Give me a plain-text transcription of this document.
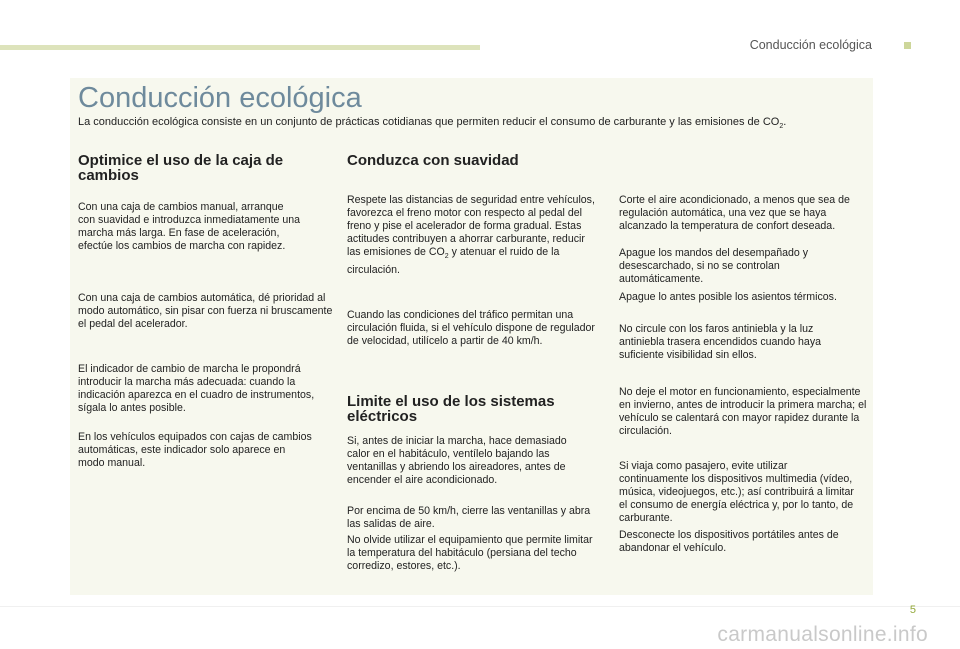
Conducción ecológica
Conducción ecológica
La conducción ecológica consiste en un conjunto de prácticas cotidianas que permiten reducir el consumo de carburante y las emisiones de $CO_2$.
Optimice el uso de la caja de cambios

Con una caja de cambios manual, arranque con suavidad e introduzca inmediatamente una marcha más larga. En fase de aceleración, efectúe los cambios de marcha con rapidez.

Con una caja de cambios automática, dé prioridad al modo automático, sin pisar con fuerza ni bruscamente el pedal del acelerador.

El indicador de cambio de marcha le propondrá introducir la marcha más adecuada: cuando la indicación aparezca en el cuadro de instrumentos, sígala lo antes posible.

En los vehículos equipados con cajas de cambios automáticas, este indicador solo aparece en modo manual.

Conduzca con suavidad

Respete las distancias de seguridad entre vehículos, favorezca el freno motor con respecto al pedal del freno y pise el acelerador de forma gradual. Estas actitudes contribuyen a ahorrar carburante, reducir las emisiones de $CO_2$ y atenuar el ruido de la circulación.

Cuando las condiciones del tráfico permitan una circulación fluida, si el vehículo dispone de regulador de velocidad, utilícelo a partir de 40 km/h.

Limite el uso de los sistemas eléctricos

Si, antes de iniciar la marcha, hace demasiado calor en el habitáculo, ventílelo bajando las ventanillas y abriendo los aireadores, antes de encender el aire acondicionado.

Por encima de 50 km/h, cierre las ventanillas y abra las salidas de aire.

No olvide utilizar el equipamiento que permite limitar la temperatura del habitáculo (persiana del techo corredizo, estores, etc.).

Corte el aire acondicionado, a menos que sea de regulación automática, una vez que se haya alcanzado la temperatura de confort deseada.

Apague los mandos del desempañado y desescarchado, si no se controlan automáticamente.

Apague lo antes posible los asientos térmicos.

No circule con los faros antiniebla y la luz antiniebla trasera encendidos cuando haya suficiente visibilidad sin ellos.

No deje el motor en funcionamiento, especialmente en invierno, antes de introducir la primera marcha; el vehículo se calentará con mayor rapidez durante la circulación.

Si viaja como pasajero, evite utilizar continuamente los dispositivos multimedia (vídeo, música, videojuegos, etc.); así contribuirá a limitar el consumo de energía eléctrica y, por lo tanto, de carburante.

Desconecte los dispositivos portátiles antes de abandonar el vehículo.

5
carmanualsonline.info
